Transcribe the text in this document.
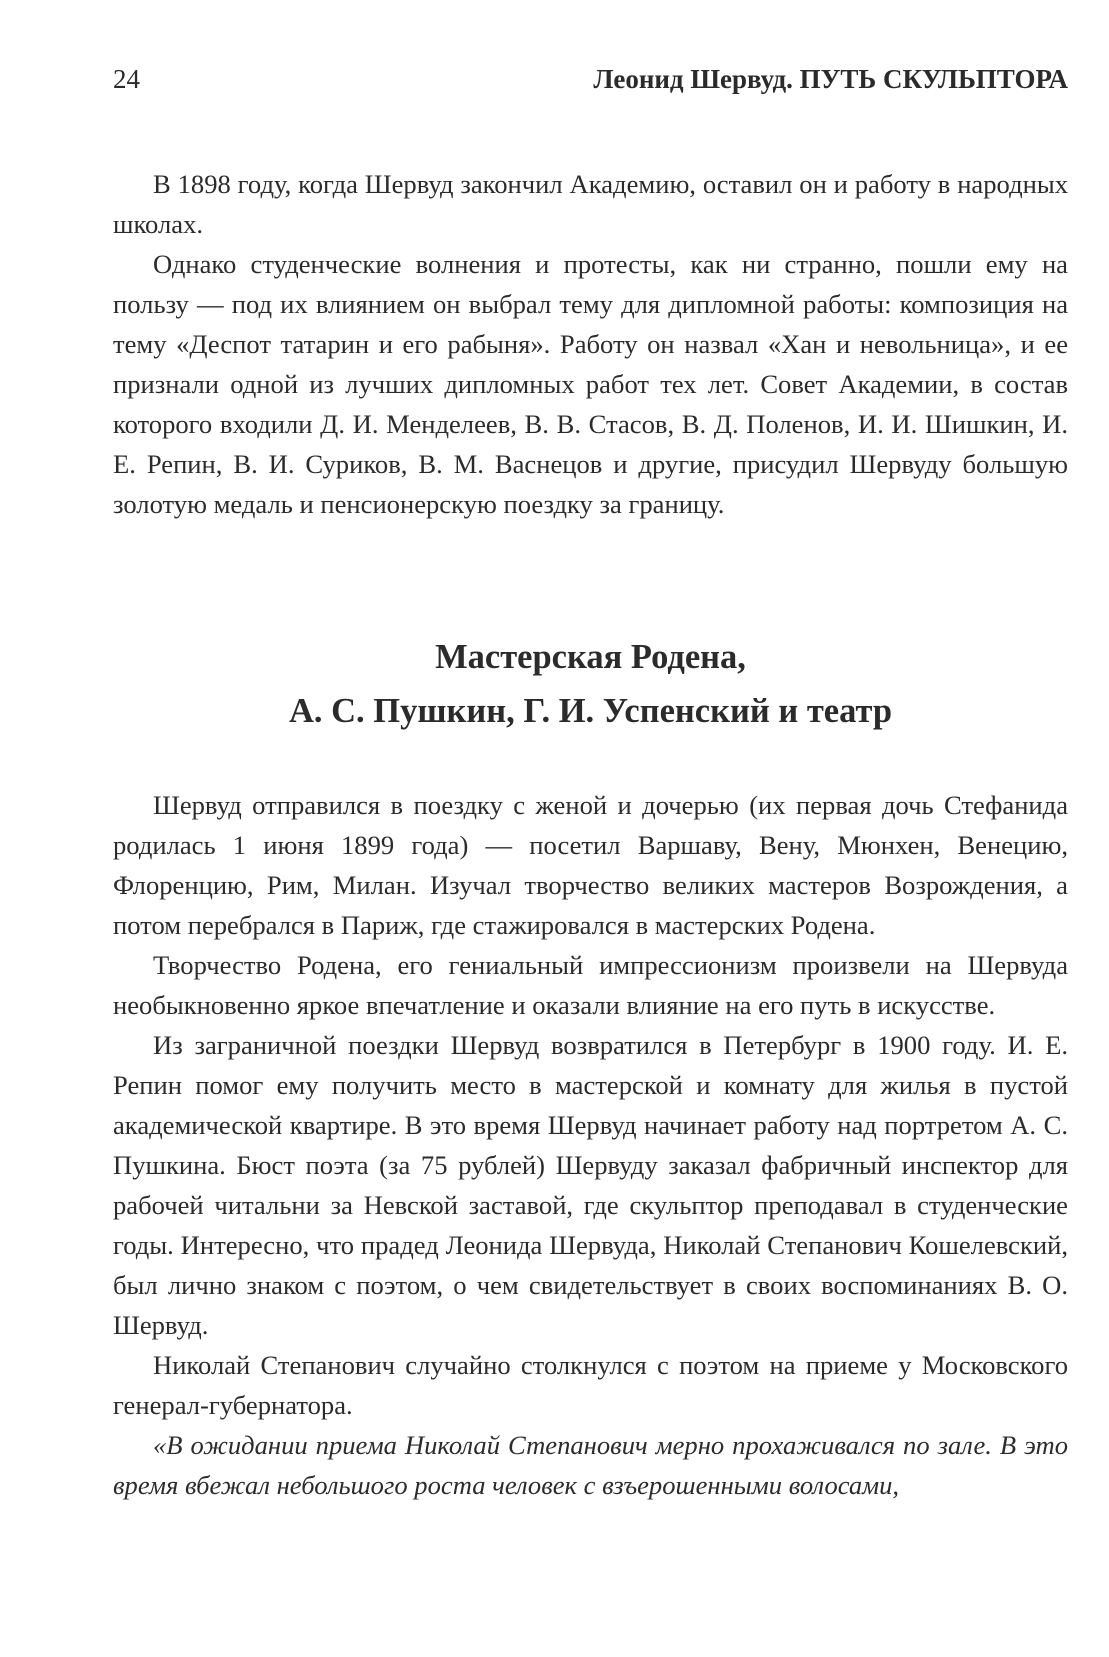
24	Леонид Шервуд. ПУТЬ СКУЛЬПТОРА

В 1898 году, когда Шервуд закончил Академию, оставил он и работу в народных школах.

Однако студенческие волнения и протесты, как ни странно, пошли ему на пользу — под их влиянием он выбрал тему для дипломной работы: композиция на тему «Деспот татарин и его рабыня». Работу он назвал «Хан и невольница», и ее признали одной из лучших дипломных работ тех лет. Совет Академии, в состав которого входили Д. И. Менделеев, В. В. Стасов, В. Д. Поленов, И. И. Шишкин, И. Е. Репин, В. И. Суриков, В. М. Васнецов и другие, присудил Шервуду большую золотую медаль и пенсионерскую поездку за границу.

Мастерская Родена,
А. С. Пушкин, Г. И. Успенский и театр

Шервуд отправился в поездку с женой и дочерью (их первая дочь Стефанида родилась 1 июня 1899 года) — посетил Варшаву, Вену, Мюнхен, Венецию, Флоренцию, Рим, Милан. Изучал творчество великих мастеров Возрождения, а потом перебрался в Париж, где стажировался в мастерских Родена.

Творчество Родена, его гениальный импрессионизм произвели на Шервуда необыкновенно яркое впечатление и оказали влияние на его путь в искусстве.

Из заграничной поездки Шервуд возвратился в Петербург в 1900 году. И. Е. Репин помог ему получить место в мастерской и комнату для жилья в пустой академической квартире. В это время Шервуд начинает работу над портретом А. С. Пушкина. Бюст поэта (за 75 рублей) Шервуду заказал фабричный инспектор для рабочей читальни за Невской заставой, где скульптор преподавал в студенческие годы. Интересно, что прадед Леонида Шервуда, Николай Степанович Кошелевский, был лично знаком с поэтом, о чем свидетельствует в своих воспоминаниях В. О. Шервуд.

Николай Степанович случайно столкнулся с поэтом на приеме у Московского генерал-губернатора.

«В ожидании приема Николай Степанович мерно прохаживался по зале. В это время вбежал небольшого роста человек с взъерошенными волосами,
